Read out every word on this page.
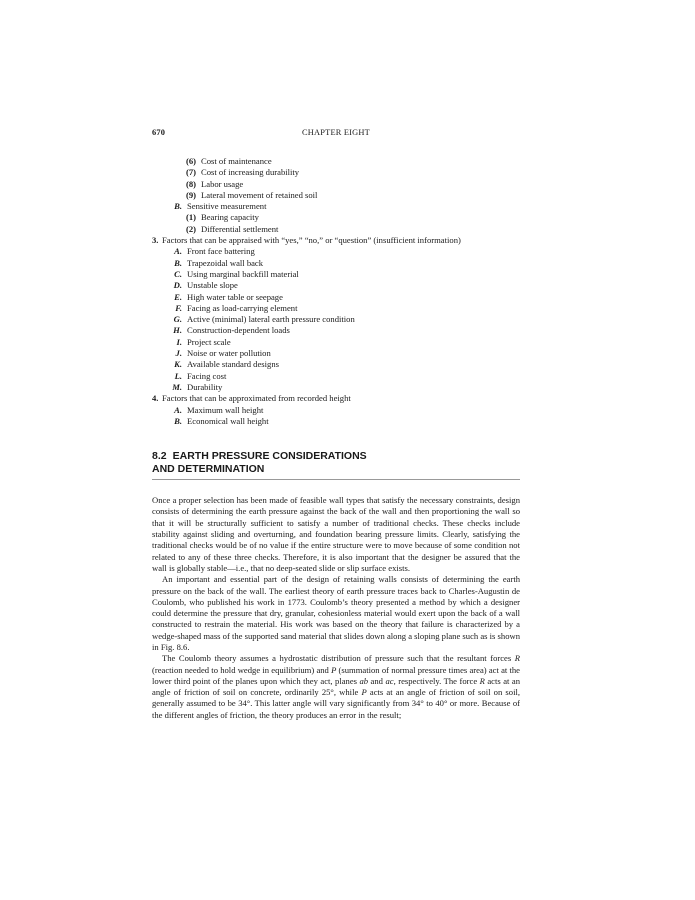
670	CHAPTER EIGHT
(6) Cost of maintenance
(7) Cost of increasing durability
(8) Labor usage
(9) Lateral movement of retained soil
B. Sensitive measurement
(1) Bearing capacity
(2) Differential settlement
3. Factors that can be appraised with “yes,” “no,” or “question” (insufficient information)
A. Front face battering
B. Trapezoidal wall back
C. Using marginal backfill material
D. Unstable slope
E. High water table or seepage
F. Facing as load-carrying element
G. Active (minimal) lateral earth pressure condition
H. Construction-dependent loads
I. Project scale
J. Noise or water pollution
K. Available standard designs
L. Facing cost
M. Durability
4. Factors that can be approximated from recorded height
A. Maximum wall height
B. Economical wall height
8.2 EARTH PRESSURE CONSIDERATIONS
AND DETERMINATION

Once a proper selection has been made of feasible wall types that satisfy the necessary constraints, design consists of determining the earth pressure against the back of the wall and then proportioning the wall so that it will be structurally sufficient to satisfy a number of traditional checks. These checks include stability against sliding and overturning, and foundation bearing pressure limits. Clearly, satisfying the traditional checks would be of no value if the entire structure were to move because of some condition not related to any of these three checks. Therefore, it is also important that the designer be assured that the wall is globally stable—i.e., that no deep-seated slide or slip surface exists.

An important and essential part of the design of retaining walls consists of determining the earth pressure on the back of the wall. The earliest theory of earth pressure traces back to Charles-Augustin de Coulomb, who published his work in 1773. Coulomb’s theory presented a method by which a designer could determine the pressure that dry, granular, cohesionless material would exert upon the back of a wall constructed to restrain the material. His work was based on the theory that failure is characterized by a wedge-shaped mass of the supported sand material that slides down along a sloping plane such as is shown in Fig. 8.6.

The Coulomb theory assumes a hydrostatic distribution of pressure such that the resultant forces R (reaction needed to hold wedge in equilibrium) and P (summation of normal pressure times area) act at the lower third point of the planes upon which they act, planes ab and ac, respectively. The force R acts at an angle of friction of soil on concrete, ordinarily 25°, while P acts at an angle of friction of soil on soil, generally assumed to be 34°. This latter angle will vary significantly from 34° to 40° or more. Because of the different angles of friction, the theory produces an error in the result;
